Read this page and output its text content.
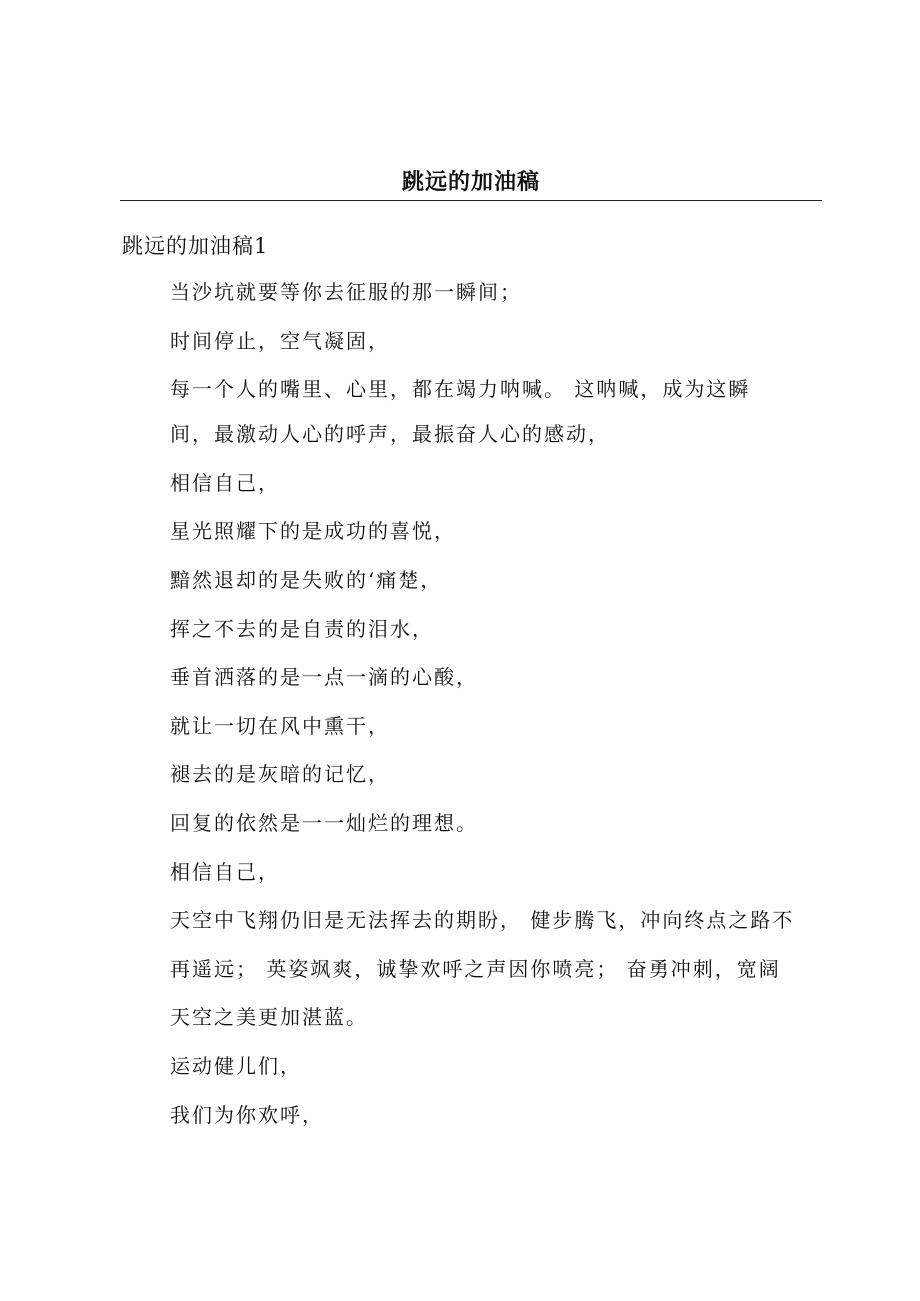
跳远的加油稿
跳远的加油稿1
当沙坑就要等你去征服的那一瞬间；
时间停止，空气凝固，
每一个人的嘴里、心里，都在竭力呐喊。 这呐喊，成为这瞬
间，最激动人心的呼声，最振奋人心的感动，
相信自己，
星光照耀下的是成功的喜悦，
黯然退却的是失败的‘痛楚，
挥之不去的是自责的泪水，
垂首洒落的是一点一滴的心酸，
就让一切在风中熏干，
褪去的是灰暗的记忆，
回复的依然是一一灿烂的理想。
相信自己，
天空中飞翔仍旧是无法挥去的期盼， 健步腾飞，冲向终点之路不
再遥远； 英姿飒爽，诚挚欢呼之声因你喷亮； 奋勇冲刺，宽阔
天空之美更加湛蓝。
运动健儿们，
我们为你欢呼，
